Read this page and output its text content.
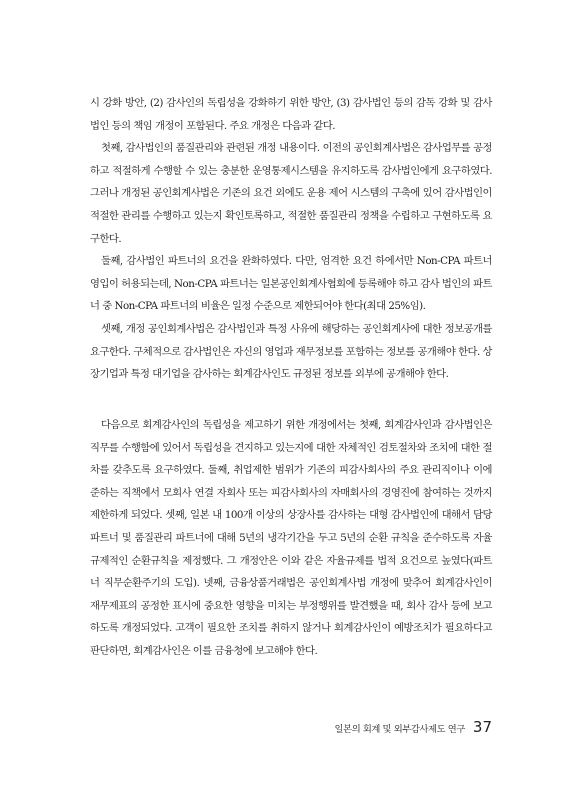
시 강화 방안, (2) 감사인의 독립성을 강화하기 위한 방안, (3) 감사법인 등의 감독 강화 및 감사법인 등의 책임 개정이 포함된다. 주요 개정은 다음과 같다.

첫째, 감사법인의 품질관리와 관련된 개정 내용이다. 이전의 공인회계사법은 감사업무를 공정하고 적절하게 수행할 수 있는 충분한 운영통제시스템을 유지하도록 감사법인에게 요구하였다. 그러나 개정된 공인회계사법은 기존의 요건 외에도 운용 제어 시스템의 구축에 있어 감사법인이 적절한 관리를 수행하고 있는지 확인토록하고, 적절한 품질관리 정책을 수립하고 구현하도록 요구한다.

둘째, 감사법인 파트너의 요건을 완화하였다. 다만, 엄격한 요건 하에서만 Non-CPA 파트너 영입이 허용되는데, Non-CPA 파트너는 일본공인회계사협회에 등록해야 하고 감사 법인의 파트너 중 Non-CPA 파트너의 비율은 일정 수준으로 제한되어야 한다(최대 25%임).

셋째, 개정 공인회계사법은 감사법인과 특정 사유에 해당하는 공인회계사에 대한 정보공개를 요구한다. 구체적으로 감사법인은 자신의 영업과 재무정보를 포함하는 정보를 공개해야 한다. 상장기업과 특정 대기업을 감사하는 회계감사인도 규정된 정보를 외부에 공개해야 한다.

다음으로 회계감사인의 독립성을 제고하기 위한 개정에서는 첫째, 회계감사인과 감사법인은 직무를 수행함에 있어서 독립성을 견지하고 있는지에 대한 자체적인 검토절차와 조치에 대한 절차를 갖추도록 요구하였다. 둘째, 취업제한 범위가 기존의 피감사회사의 주요 관리직이나 이에 준하는 직책에서 모회사 연결 자회사 또는 피감사회사의 자매회사의 경영진에 참여하는 것까지 제한하게 되었다. 셋째, 일본 내 100개 이상의 상장사를 감사하는 대형 감사법인에 대해서 담당파트너 및 품질관리 파트너에 대해 5년의 냉각기간을 두고 5년의 순환 규칙을 준수하도록 자율규제적인 순환규칙을 제정했다. 그 개정안은 이와 같은 자율규제를 법적 요건으로 높였다(파트너 직무순환주기의 도입). 넷째, 금융상품거래법은 공인회계사법 개정에 맞추어 회계감사인이 재무제표의 공정한 표시에 중요한 영향을 미치는 부정행위를 발견했을 때, 회사 감사 등에 보고하도록 개정되었다. 고객이 필요한 조치를 취하지 않거나 회계감사인이 예방조치가 필요하다고 판단하면, 회계감사인은 이를 금융청에 보고해야 한다.

일본의 회계 및 외부감사제도 연구 37
